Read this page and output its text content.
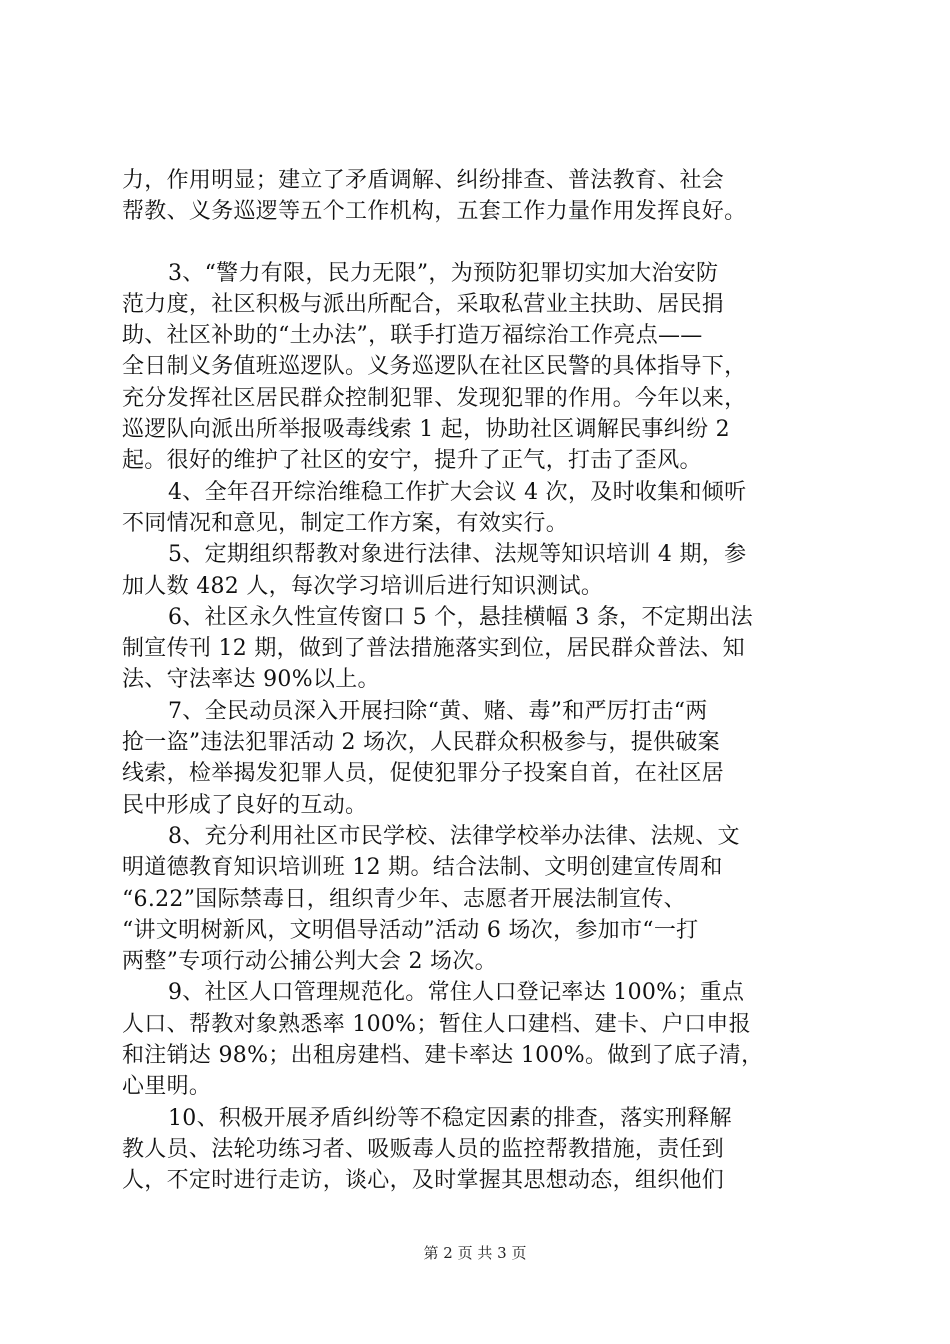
力，作用明显；建立了矛盾调解、纠纷排查、普法教育、社会
帮教、义务巡逻等五个工作机构，五套工作力量作用发挥良好。
3、“警力有限，民力无限”，为预防犯罪切实加大治安防
范力度，社区积极与派出所配合，采取私营业主扶助、居民捐
助、社区补助的“土办法”，联手打造万福综治工作亮点——
全日制义务值班巡逻队。义务巡逻队在社区民警的具体指导下，
充分发挥社区居民群众控制犯罪、发现犯罪的作用。今年以来，
巡逻队向派出所举报吸毒线索 1 起，协助社区调解民事纠纷 2
起。很好的维护了社区的安宁，提升了正气，打击了歪风。
4、全年召开综治维稳工作扩大会议 4 次，及时收集和倾听
不同情况和意见，制定工作方案，有效实行。
5、定期组织帮教对象进行法律、法规等知识培训 4 期，参
加人数 482 人，每次学习培训后进行知识测试。
6、社区永久性宣传窗口 5 个，悬挂横幅 3 条，不定期出法
制宣传刊 12 期，做到了普法措施落实到位，居民群众普法、知
法、守法率达 90%以上。
7、全民动员深入开展扫除“黄、赌、毒”和严厉打击“两
抢一盗”违法犯罪活动 2 场次，人民群众积极参与，提供破案
线索，检举揭发犯罪人员，促使犯罪分子投案自首，在社区居
民中形成了良好的互动。
8、充分利用社区市民学校、法律学校举办法律、法规、文
明道德教育知识培训班 12 期。结合法制、文明创建宣传周和
“6.22”国际禁毒日，组织青少年、志愿者开展法制宣传、
“讲文明树新风，文明倡导活动”活动 6 场次，参加市“一打
两整”专项行动公捕公判大会 2 场次。
9、社区人口管理规范化。常住人口登记率达 100%；重点
人口、帮教对象熟悉率 100%；暂住人口建档、建卡、户口申报
和注销达 98%；出租房建档、建卡率达 100%。做到了底子清，
心里明。
10、积极开展矛盾纠纷等不稳定因素的排查，落实刑释解
教人员、法轮功练习者、吸贩毒人员的监控帮教措施，责任到
人，不定时进行走访，谈心，及时掌握其思想动态，组织他们
第 2 页 共 3 页
